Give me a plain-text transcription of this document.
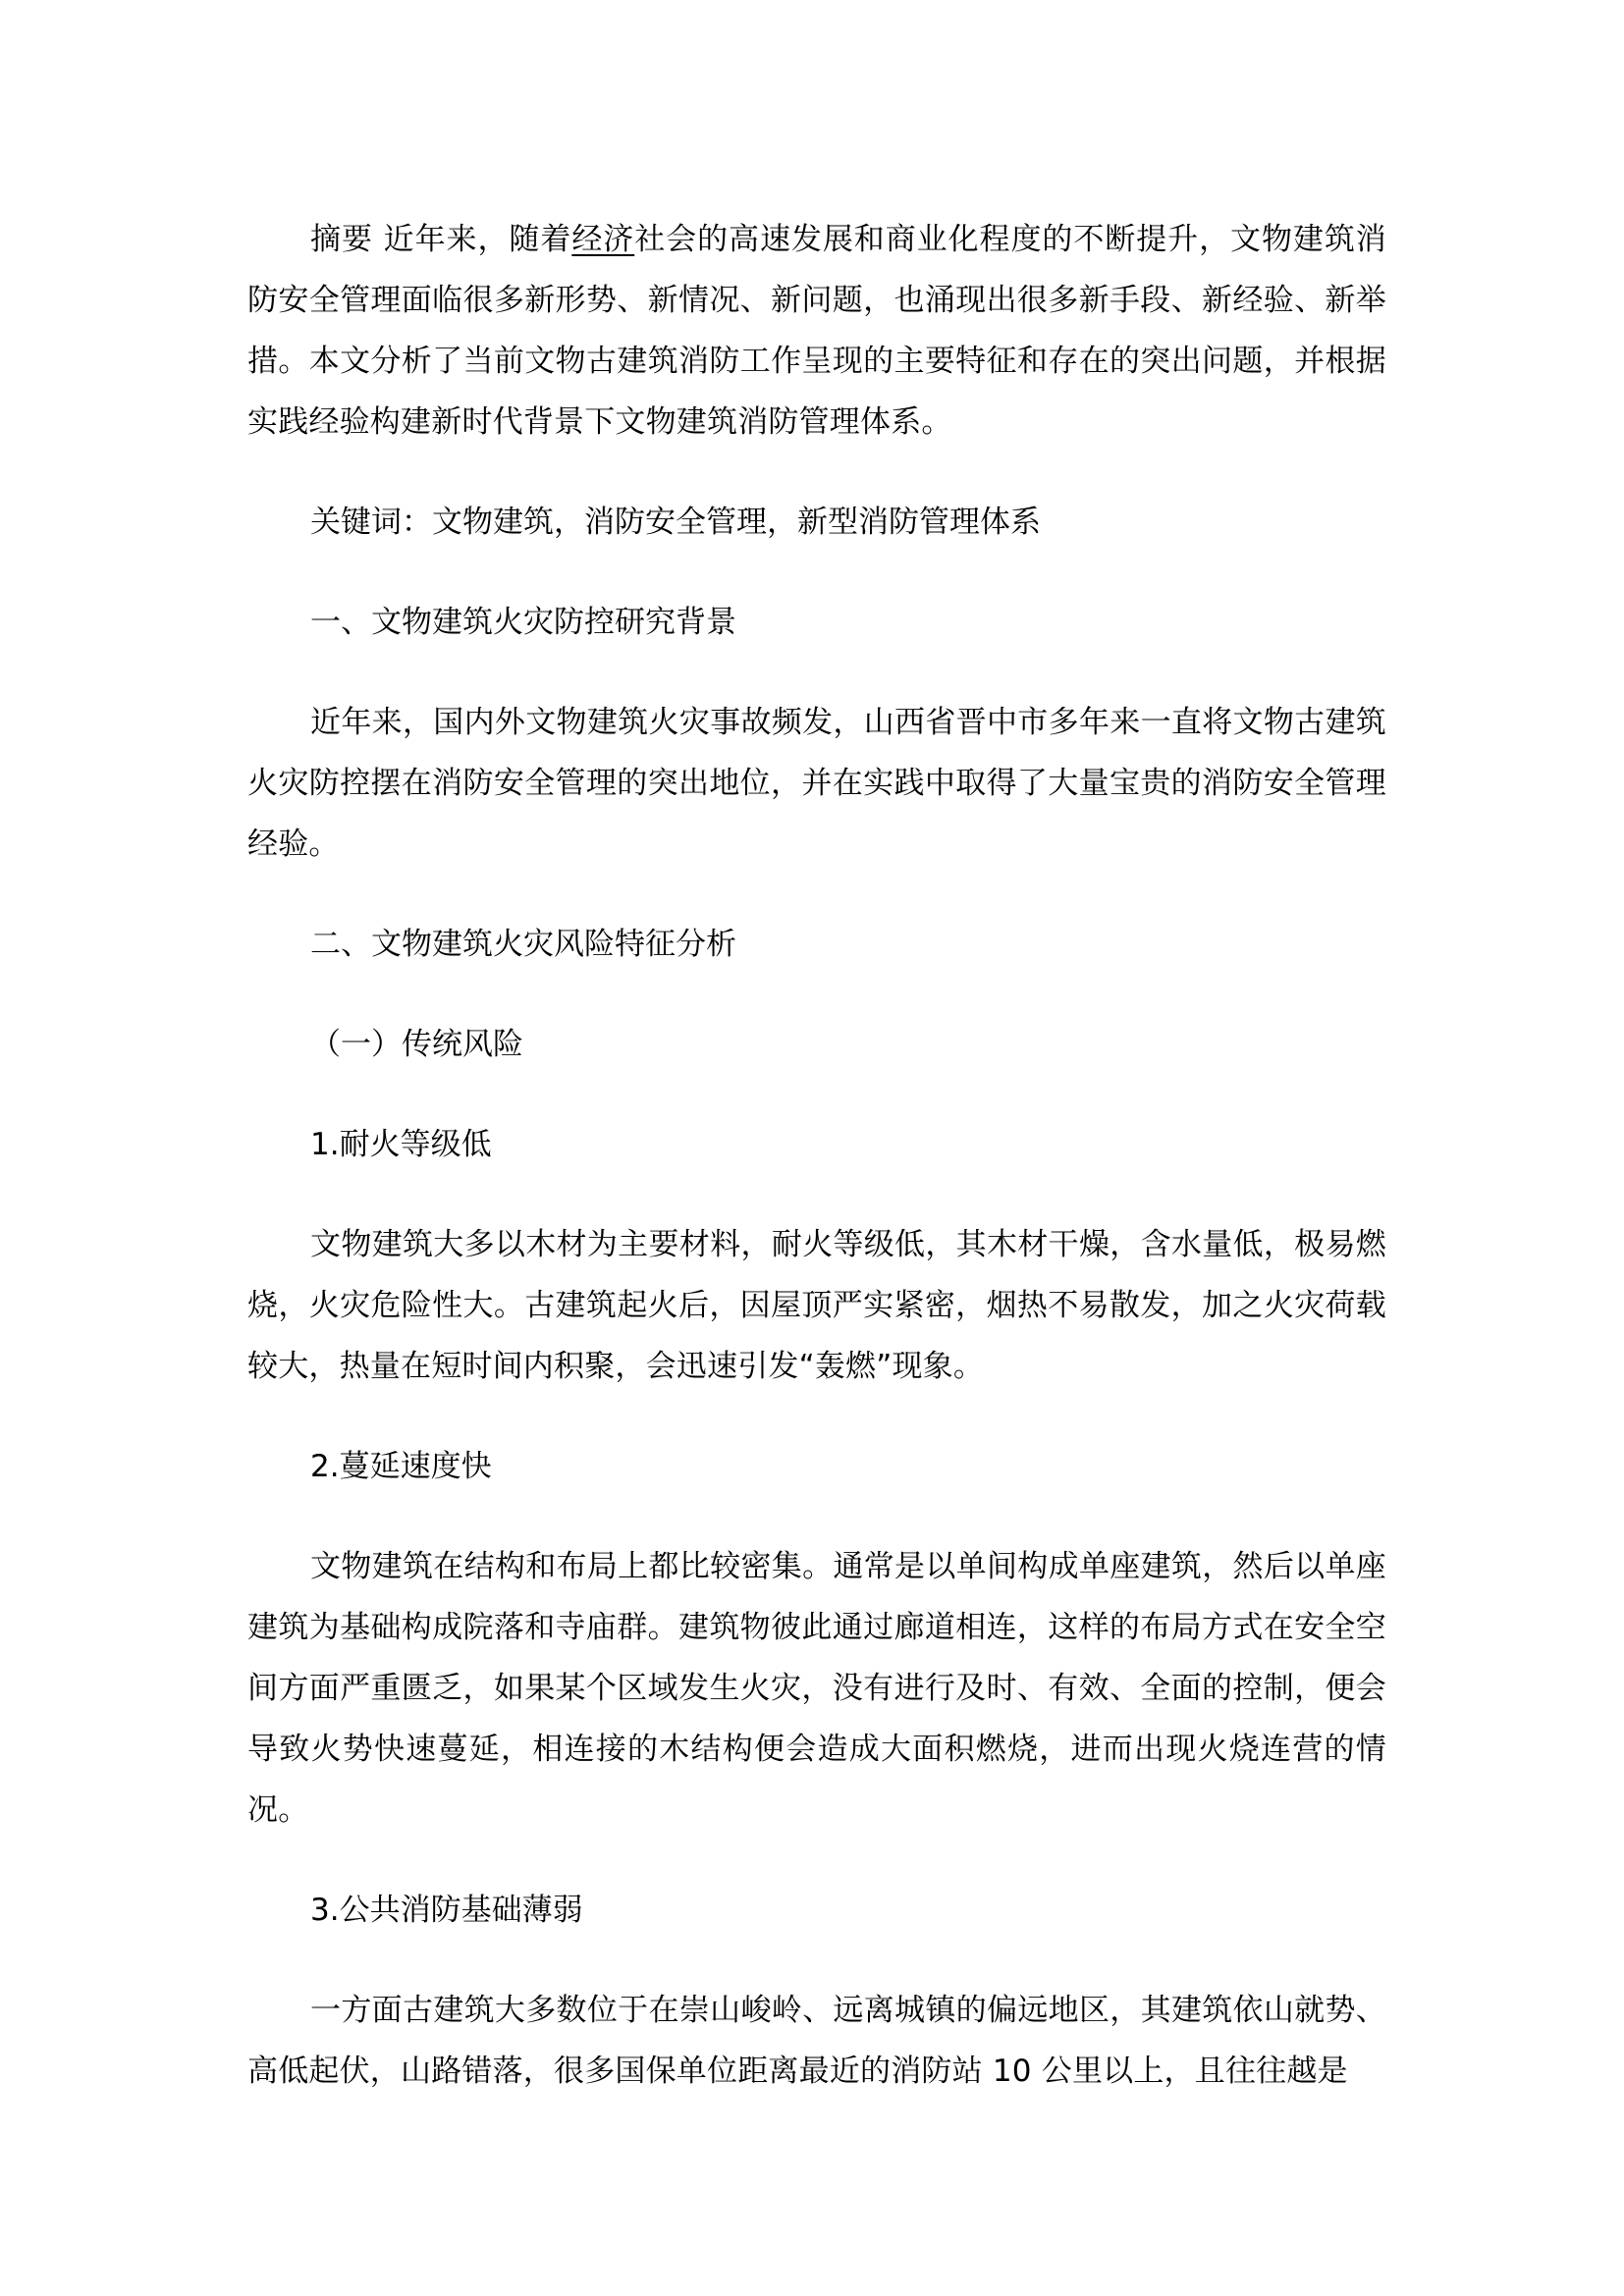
摘要 近年来，随着经济社会的高速发展和商业化程度的不断提升，文物建筑消防安全管理面临很多新形势、新情况、新问题，也涌现出很多新手段、新经验、新举措。本文分析了当前文物古建筑消防工作呈现的主要特征和存在的突出问题，并根据实践经验构建新时代背景下文物建筑消防管理体系。

关键词：文物建筑，消防安全管理，新型消防管理体系

一、文物建筑火灾防控研究背景

近年来，国内外文物建筑火灾事故频发，山西省晋中市多年来一直将文物古建筑火灾防控摆在消防安全管理的突出地位，并在实践中取得了大量宝贵的消防安全管理经验。

二、文物建筑火灾风险特征分析

（一）传统风险

1.耐火等级低

文物建筑大多以木材为主要材料，耐火等级低，其木材干燥，含水量低，极易燃烧，火灾危险性大。古建筑起火后，因屋顶严实紧密，烟热不易散发，加之火灾荷载较大，热量在短时间内积聚，会迅速引发“轰燃”现象。

2.蔓延速度快

文物建筑在结构和布局上都比较密集。通常是以单间构成单座建筑，然后以单座建筑为基础构成院落和寺庙群。建筑物彼此通过廊道相连，这样的布局方式在安全空间方面严重匮乏，如果某个区域发生火灾，没有进行及时、有效、全面的控制，便会导致火势快速蔓延，相连接的木结构便会造成大面积燃烧，进而出现火烧连营的情况。

3.公共消防基础薄弱

一方面古建筑大多数位于在崇山峻岭、远离城镇的偏远地区，其建筑依山就势、高低起伏，山路错落，很多国保单位距离最近的消防站 10 公里以上，且往往越是
